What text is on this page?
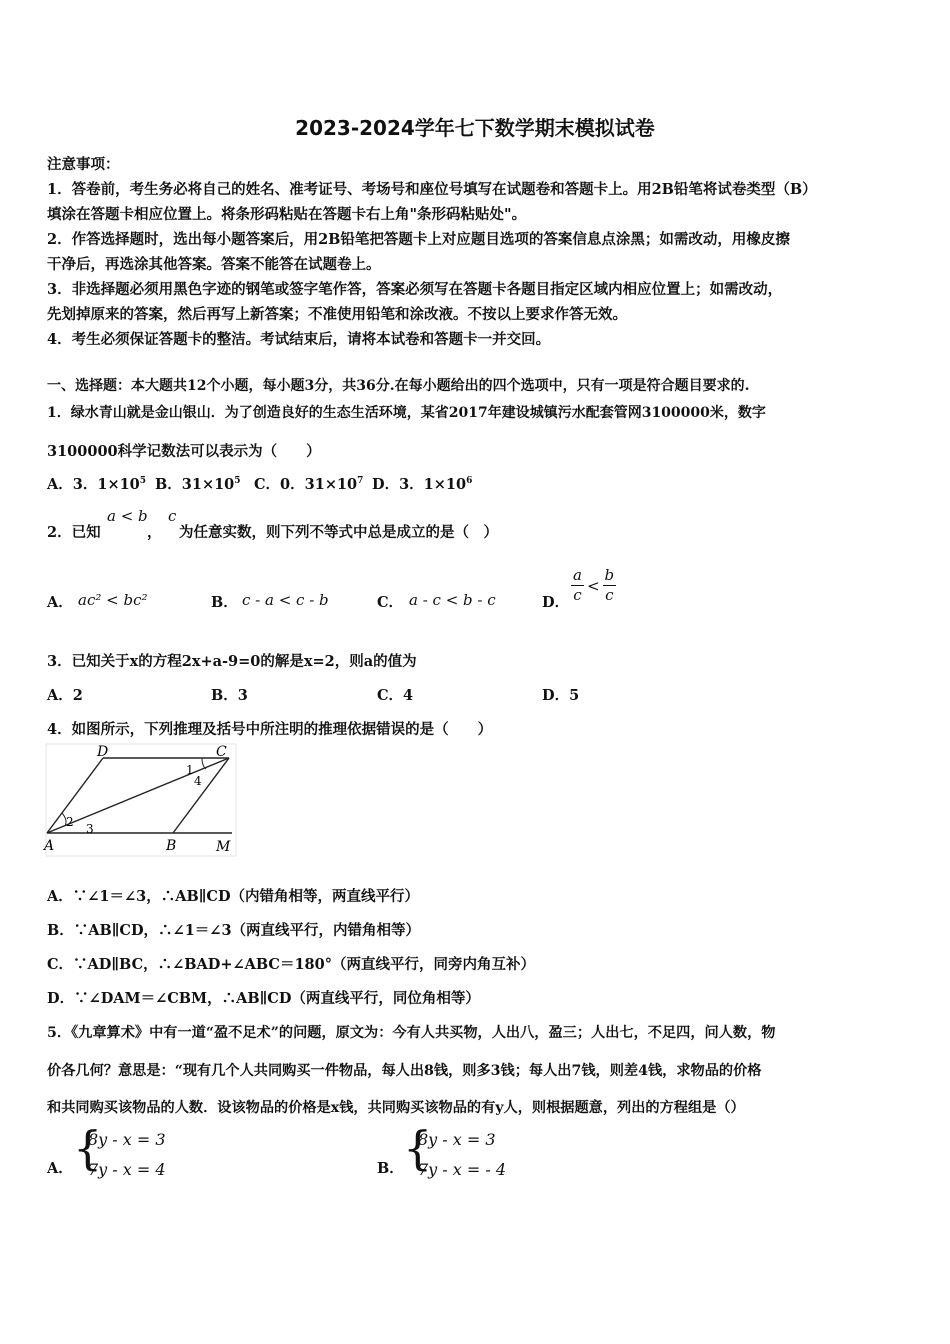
2023-2024学年七下数学期末模拟试卷
注意事项：
1．答卷前，考生务必将自己的姓名、准考证号、考场号和座位号填写在试题卷和答题卡上。用2B铅笔将试卷类型（B）
填涂在答题卡相应位置上。将条形码粘贴在答题卡右上角"条形码粘贴处"。
2．作答选择题时，选出每小题答案后，用2B铅笔把答题卡上对应题目选项的答案信息点涂黑；如需改动，用橡皮擦
干净后，再选涂其他答案。答案不能答在试题卷上。
3．非选择题必须用黑色字迹的钢笔或签字笔作答，答案必须写在答题卡各题目指定区域内相应位置上；如需改动，
先划掉原来的答案，然后再写上新答案；不准使用铅笔和涂改液。不按以上要求作答无效。
4．考生必须保证答题卡的整洁。考试结束后，请将本试卷和答题卡一并交回。
一、选择题：本大题共12个小题，每小题3分，共36分.在每小题给出的四个选项中，只有一项是符合题目要求的.
1．绿水青山就是金山银山．为了创造良好的生态生活环境，某省2017年建设城镇污水配套管网3100000米，数字
3100000科学记数法可以表示为（　　）
A．3．$1\times 10^5$ B．$31\times 10^5$ C．0．$31\times 10^7$ D．3．$1\times 10^6$
2．已知
a < b
，
c
为任意实数，则下列不等式中总是成立的是（　）
A． ac² < bc²	B． c - a < c - b	C． a - c < b - c	D． $\frac{a}{c} < \frac{b}{c}$
3．已知关于x的方程2x+a-9=0的解是x=2，则a的值为
A．2	B．3	C．4	D．5
4．如图所示，下列推理及括号中所注明的推理依据错误的是（　　）
D	C
A	B	M
1
2 3
4
A．∵∠1＝∠3，∴AB∥CD（内错角相等，两直线平行）
B．∵AB∥CD，∴∠1＝∠3（两直线平行，内错角相等）
C．∵AD∥BC，∴∠BAD+∠ABC＝180°（两直线平行，同旁内角互补）
D．∵∠DAM＝∠CBM，∴AB∥CD（两直线平行，同位角相等）
5．《九章算术》中有一道“盈不足术”的问题，原文为：今有人共买物，人出八，盈三；人出七，不足四，问人数，物
价各几何？意思是：“现有几个人共同购买一件物品，每人出8钱，则多3钱；每人出7钱，则差4钱，求物品的价格
和共同购买该物品的人数．设该物品的价格是x钱，共同购买该物品的有y人，则根据题意，列出的方程组是（）
A． {
8y - x = 3
7y - x = 4	B． {
8y - x = 3
7y - x = - 4
